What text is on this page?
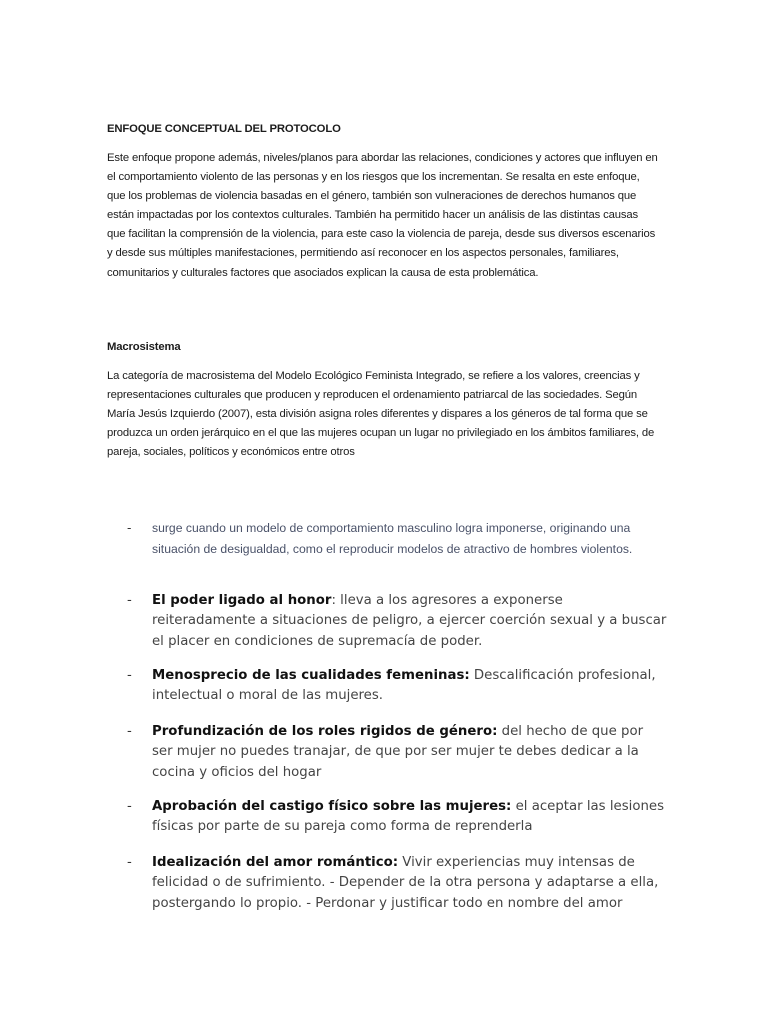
ENFOQUE CONCEPTUAL DEL PROTOCOLO

Este enfoque propone además, niveles/planos para abordar las relaciones, condiciones y actores que influyen en el comportamiento violento de las personas y en los riesgos que los incrementan. Se resalta en este enfoque, que los problemas de violencia basadas en el género, también son vulneraciones de derechos humanos que están impactadas por los contextos culturales. También ha permitido hacer un análisis de las distintas causas que facilitan la comprensión de la violencia, para este caso la violencia de pareja, desde sus diversos escenarios y desde sus múltiples manifestaciones, permitiendo así reconocer en los aspectos personales, familiares, comunitarios y culturales factores que asociados explican la causa de esta problemática.

Macrosistema

La categoría de macrosistema del Modelo Ecológico Feminista Integrado, se refiere a los valores, creencias y representaciones culturales que producen y reproducen el ordenamiento patriarcal de las sociedades. Según María Jesús Izquierdo (2007), esta división asigna roles diferentes y dispares a los géneros de tal forma que se produzca un orden jerárquico en el que las mujeres ocupan un lugar no privilegiado en los ámbitos familiares, de pareja, sociales, políticos y económicos entre otros

-	surge cuando un modelo de comportamiento masculino logra imponerse, originando una situación de desigualdad, como el reproducir modelos de atractivo de hombres violentos.
-	El poder ligado al honor: lleva a los agresores a exponerse reiteradamente a situaciones de peligro, a ejercer coerción sexual y a buscar el placer en condiciones de supremacía de poder.
-	Menosprecio de las cualidades femeninas: Descalificación profesional, intelectual o moral de las mujeres.
-	Profundización de los roles rigidos de género: del hecho de que por ser mujer no puedes tranajar, de que por ser mujer te debes dedicar a la cocina y oficios del hogar
-	Aprobación del castigo físico sobre las mujeres: el aceptar las lesiones físicas por parte de su pareja como forma de reprenderla
-	Idealización del amor romántico: Vivir experiencias muy intensas de felicidad o de sufrimiento. - Depender de la otra persona y adaptarse a ella, postergando lo propio. - Perdonar y justificar todo en nombre del amor
